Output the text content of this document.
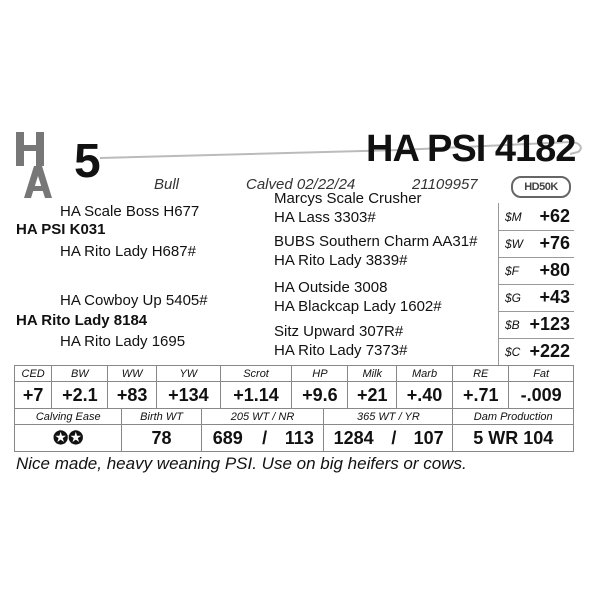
5	HA PSI 4182
Bull	Calved 02/22/24	21109957	HD50K
HA Scale Boss H677
HA PSI K031
HA Rito Lady H687#
HA Cowboy Up 5405#
HA Rito Lady 8184
HA Rito Lady 1695
Marcys Scale Crusher
HA Lass 3303#
BUBS Southern Charm AA31#
HA Rito Lady 3839#
HA Outside 3008
HA Blackcap Lady 1602#
Sitz Upward 307R#
HA Rito Lady 7373#
$M +62
$W +76
$F +80
$G +43
$B +123
$C +222
CED	BW	WW	YW	Scrot	HP	Milk	Marb	RE	Fat
+7	+2.1	+83	+134	+1.14	+9.6	+21	+.40	+.71	-.009
Calving Ease	Birth WT	205 WT / NR			365 WT / YR			Dam Production
✪✪	78	689	/	113	1284	/	107	5 WR 104
Nice made, heavy weaning PSI. Use on big heifers or cows.
